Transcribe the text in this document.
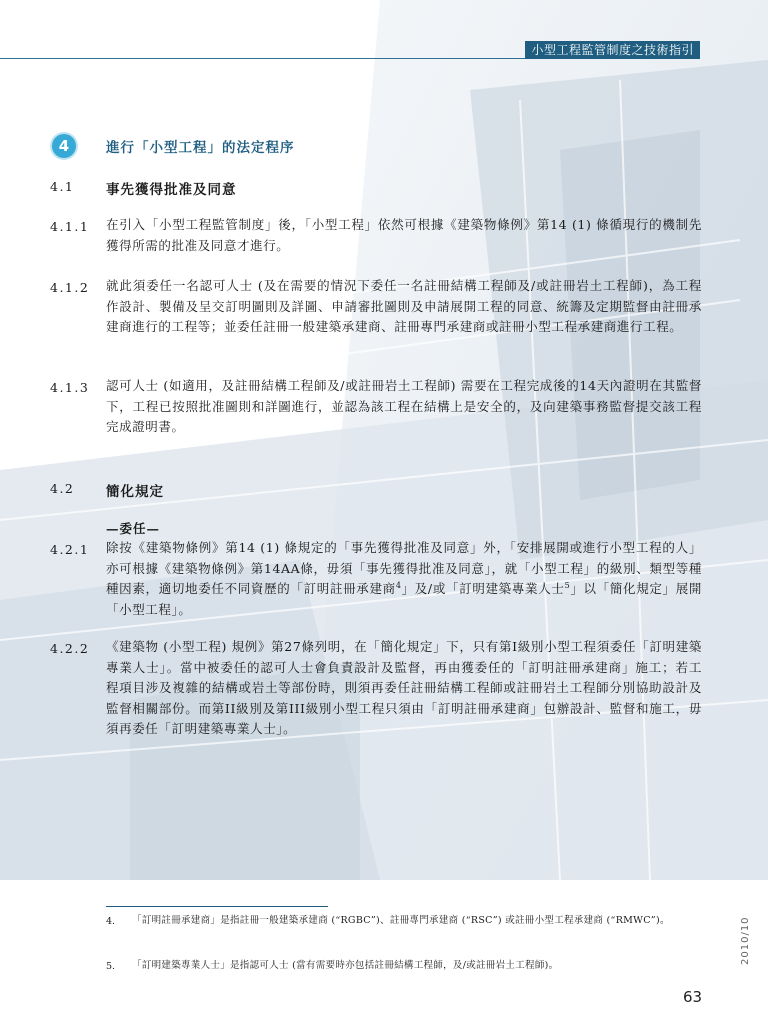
小型工程監管制度之技術指引
4	進行「小型工程」的法定程序
4.1 事先獲得批准及同意
4.1.1 在引入「小型工程監管制度」後，「小型工程」依然可根據《建築物條例》第14 (1) 條循現行的機制先獲得所需的批准及同意才進行。

4.1.2 就此須委任一名認可人士 (及在需要的情況下委任一名註冊結構工程師及/或註冊岩土工程師)，為工程作設計、製備及呈交訂明圖則及詳圖、申請審批圖則及申請展開工程的同意、統籌及定期監督由註冊承建商進行的工程等；並委任註冊一般建築承建商、註冊專門承建商或註冊小型工程承建商進行工程。

4.1.3 認可人士 (如適用，及註冊結構工程師及/或註冊岩土工程師) 需要在工程完成後的14天內證明在其監督下，工程已按照批准圖則和詳圖進行，並認為該工程在結構上是安全的，及向建築事務監督提交該工程完成證明書。

4.2 簡化規定
—委任—
4.2.1 除按《建築物條例》第14 (1) 條規定的「事先獲得批准及同意」外，「安排展開或進行小型工程的人」亦可根據《建築物條例》第14AA條，毋須「事先獲得批准及同意」，就「小型工程」的級別、類型等種種因素，適切地委任不同資歷的「訂明註冊承建商$^4$」及/或「訂明建築專業人士$^5$」以「簡化規定」展開「小型工程」。

4.2.2 《建築物 (小型工程) 規例》第27條列明，在「簡化規定」下，只有第I級別小型工程須委任「訂明建築專業人士」。當中被委任的認可人士會負責設計及監督，再由獲委任的「訂明註冊承建商」施工；若工程項目涉及複雜的結構或岩土等部份時，則須再委任註冊結構工程師或註冊岩土工程師分別協助設計及監督相關部份。而第II級別及第III級別小型工程只須由「訂明註冊承建商」包辦設計、監督和施工，毋須再委任「訂明建築專業人士」。

4. 「訂明註冊承建商」是指註冊一般建築承建商 (“RGBC”)、註冊專門承建商 (“RSC”) 或註冊小型工程承建商 (“RMWC”)。

5. 「訂明建築專業人士」是指認可人士 (當有需要時亦包括註冊結構工程師，及/或註冊岩土工程師)。

2010/10
63
